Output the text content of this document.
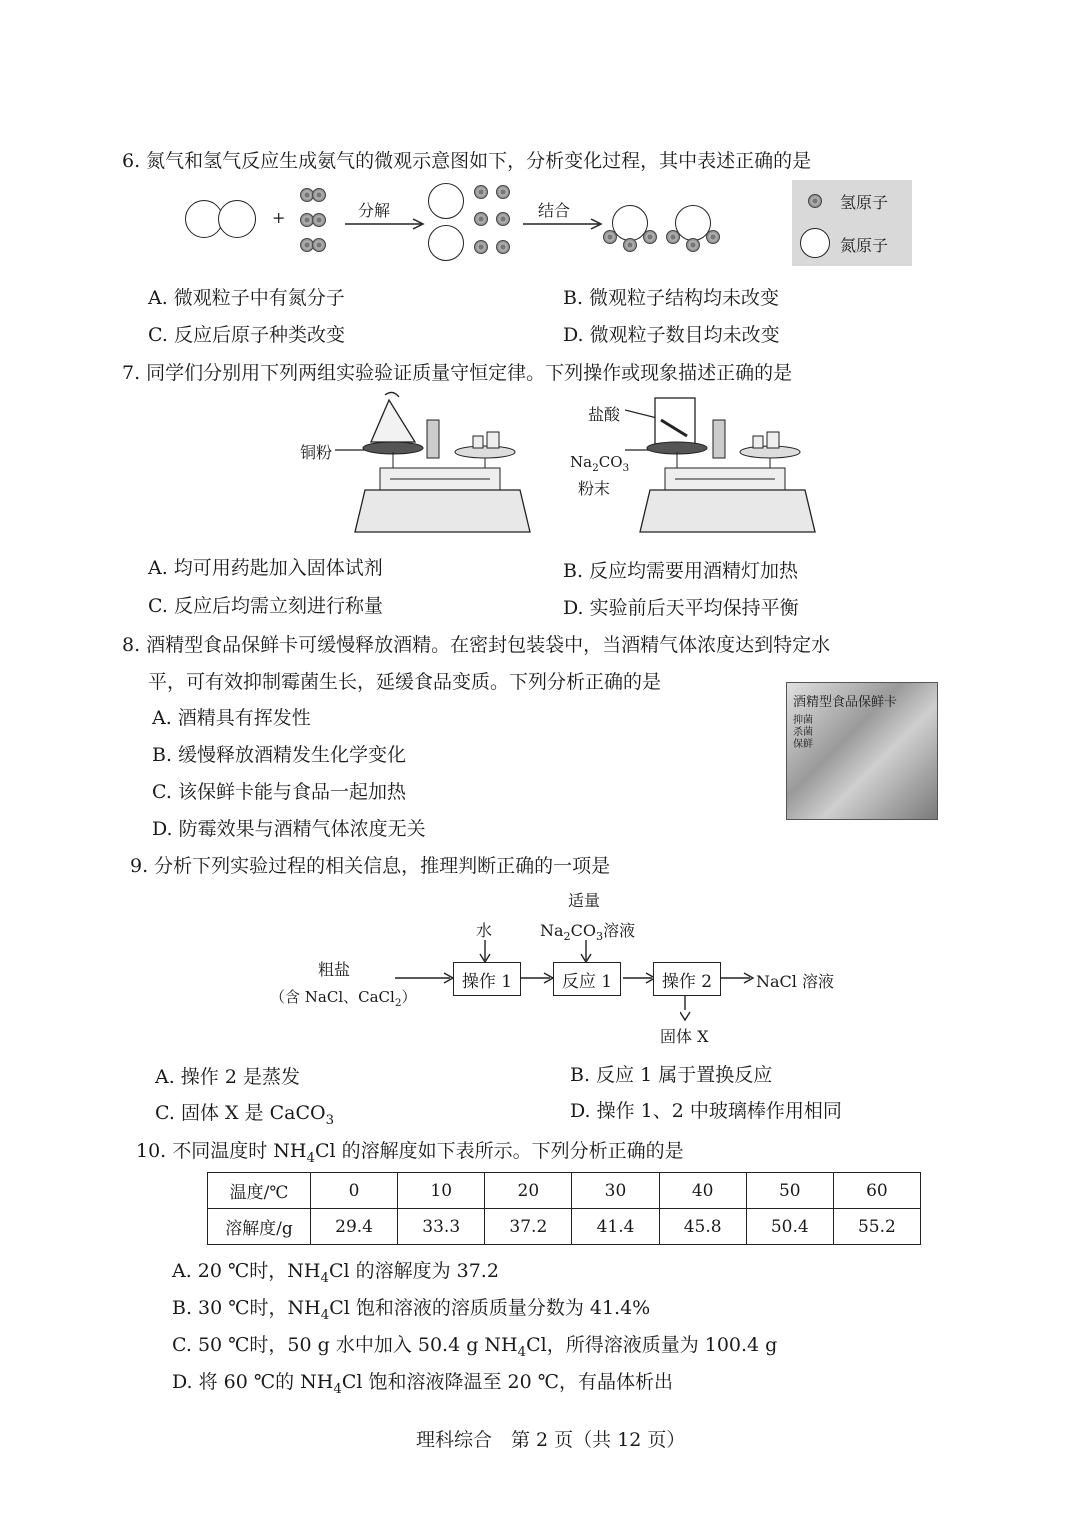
6. 氮气和氢气反应生成氨气的微观示意图如下，分析变化过程，其中表述正确的是
+	分解	结合	氢原子
氮原子
A. 微观粒子中有氮分子	B. 微观粒子结构均未改变
C. 反应后原子种类改变	D. 微观粒子数目均未改变
7. 同学们分别用下列两组实验验证质量守恒定律。下列操作或现象描述正确的是
铜粉
盐酸
$Na_2CO_3$
粉末
A. 均可用药匙加入固体试剂	B. 反应均需要用酒精灯加热
C. 反应后均需立刻进行称量	D. 实验前后天平均保持平衡
8. 酒精型食品保鲜卡可缓慢释放酒精。在密封包装袋中，当酒精气体浓度达到特定水
平，可有效抑制霉菌生长，延缓食品变质。下列分析正确的是
酒精型食品保鲜卡
抑菌
杀菌
保鲜
A. 酒精具有挥发性
B. 缓慢释放酒精发生化学变化
C. 该保鲜卡能与食品一起加热
D. 防霉效果与酒精气体浓度无关
9. 分析下列实验过程的相关信息，推理判断正确的一项是
适量
$Na_2CO_3$溶液
水
粗盐
（含 NaCl、CaCl$_2$）
操作 1	反应 1	操作 2	NaCl 溶液
固体 X
A. 操作 2 是蒸发	B. 反应 1 属于置换反应
C. 固体 X 是 CaCO$_3$	D. 操作 1、2 中玻璃棒作用相同
10. 不同温度时 $NH_4Cl$ 的溶解度如下表所示。下列分析正确的是
温度/℃	0	10	20	30	40	50	60
溶解度/g	29.4	33.3	37.2	41.4	45.8	50.4	55.2
A. 20 ℃时，$NH_4Cl$ 的溶解度为 37.2
B. 30 ℃时，$NH_4Cl$ 饱和溶液的溶质质量分数为 41.4%
C. 50 ℃时，50 g 水中加入 50.4 g $NH_4Cl$，所得溶液质量为 100.4 g
D. 将 60 ℃的 $NH_4Cl$ 饱和溶液降温至 20 ℃，有晶体析出
理科综合　第 2 页（共 12 页）
